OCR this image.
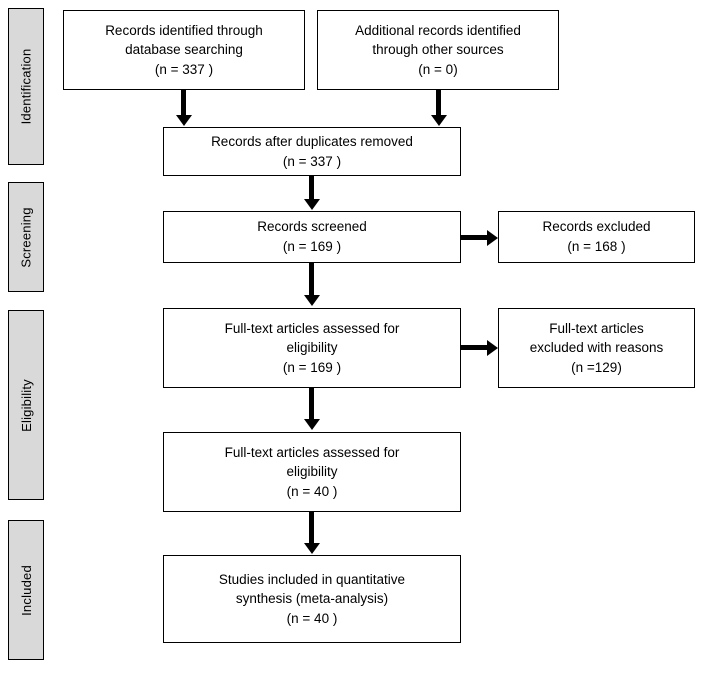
Identification
Screening
Eligibility
Included
Records identified through
database searching
(n = 337 )
Additional records identified
through other sources
(n = 0)
Records after duplicates removed
(n = 337 )
Records screened
(n = 169 )
Records excluded
(n = 168 )
Full-text articles assessed for
eligibility
(n = 169 )
Full-text articles
excluded with reasons
(n =129)
Full-text articles assessed for
eligibility
(n = 40 )
Studies included in quantitative
synthesis (meta-analysis)
(n = 40 )
